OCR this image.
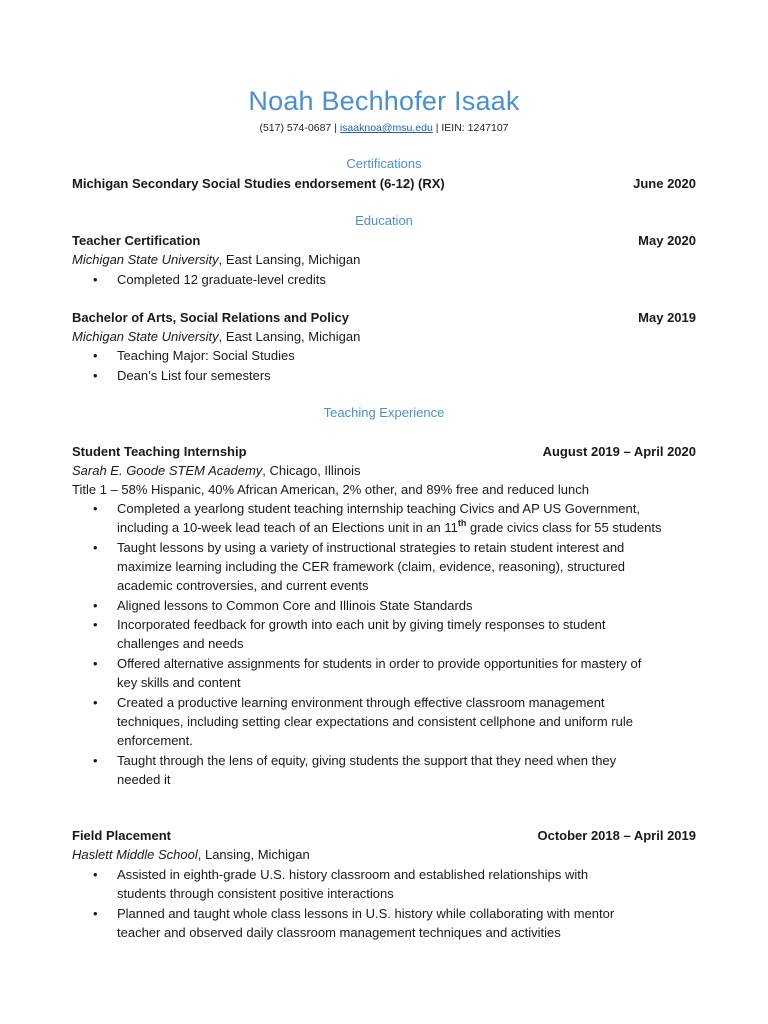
Noah Bechhofer Isaak
(517) 574-0687 | isaaknoa@msu.edu | IEIN: 1247107
Certifications
Michigan Secondary Social Studies endorsement (6-12) (RX)	June 2020
Education
Teacher Certification	May 2020
Michigan State University, East Lansing, Michigan
• Completed 12 graduate-level credits
Bachelor of Arts, Social Relations and Policy	May 2019
Michigan State University, East Lansing, Michigan
• Teaching Major: Social Studies
• Dean’s List four semesters
Teaching Experience
Student Teaching Internship	August 2019 – April 2020
Sarah E. Goode STEM Academy, Chicago, Illinois
Title 1 – 58% Hispanic, 40% African American, 2% other, and 89% free and reduced lunch
• Completed a yearlong student teaching internship teaching Civics and AP US Government,
including a 10-week lead teach of an Elections unit in an 11th grade civics class for 55 students
• Taught lessons by using a variety of instructional strategies to retain student interest and
maximize learning including the CER framework (claim, evidence, reasoning), structured
academic controversies, and current events
• Aligned lessons to Common Core and Illinois State Standards
• Incorporated feedback for growth into each unit by giving timely responses to student
challenges and needs
• Offered alternative assignments for students in order to provide opportunities for mastery of
key skills and content
• Created a productive learning environment through effective classroom management
techniques, including setting clear expectations and consistent cellphone and uniform rule
enforcement.
• Taught through the lens of equity, giving students the support that they need when they
needed it
Field Placement	October 2018 – April 2019
Haslett Middle School, Lansing, Michigan
• Assisted in eighth-grade U.S. history classroom and established relationships with
students through consistent positive interactions
• Planned and taught whole class lessons in U.S. history while collaborating with mentor
teacher and observed daily classroom management techniques and activities
